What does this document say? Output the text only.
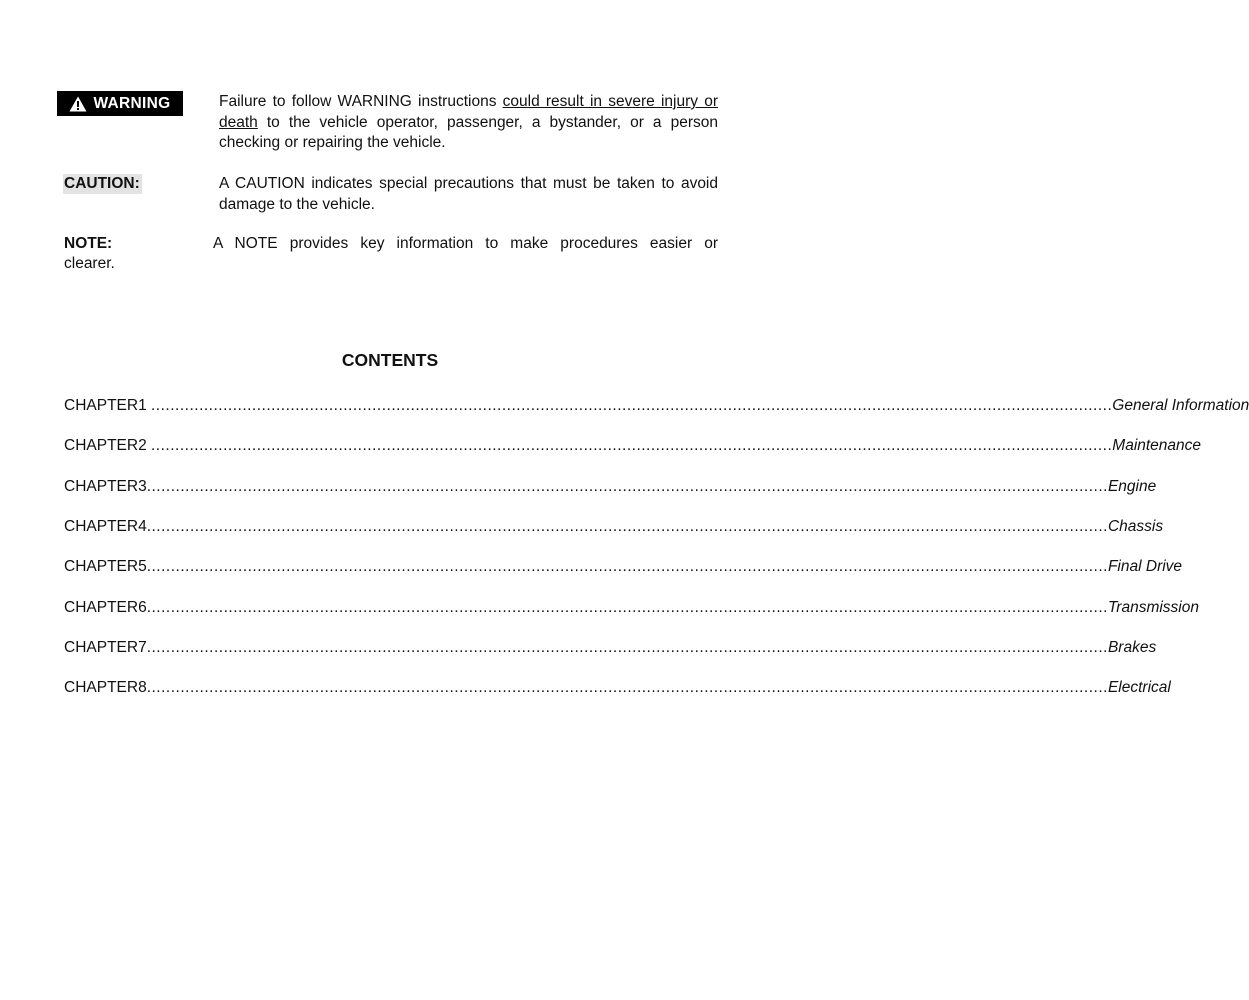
WARNING	Failure to follow WARNING instructions could result in severe injury or death to the vehicle operator, passenger, a bystander, or a person checking or repairing the vehicle.
CAUTION:	A CAUTION indicates special precautions that must be taken to avoid damage to the vehicle.
NOTE:	A NOTE provides key information to make procedures easier or
clearer.
CONTENTS
CHAPTER1 ........................................................................................................................................................................................................ General Information
CHAPTER2 ........................................................................................................................................................................................................ Maintenance
CHAPTER3 ........................................................................................................................................................................................................ Engine
CHAPTER4 ........................................................................................................................................................................................................ Chassis
CHAPTER5 ........................................................................................................................................................................................................ Final Drive
CHAPTER6 ........................................................................................................................................................................................................ Transmission
CHAPTER7 ........................................................................................................................................................................................................ Brakes
CHAPTER8 ........................................................................................................................................................................................................ Electrical
